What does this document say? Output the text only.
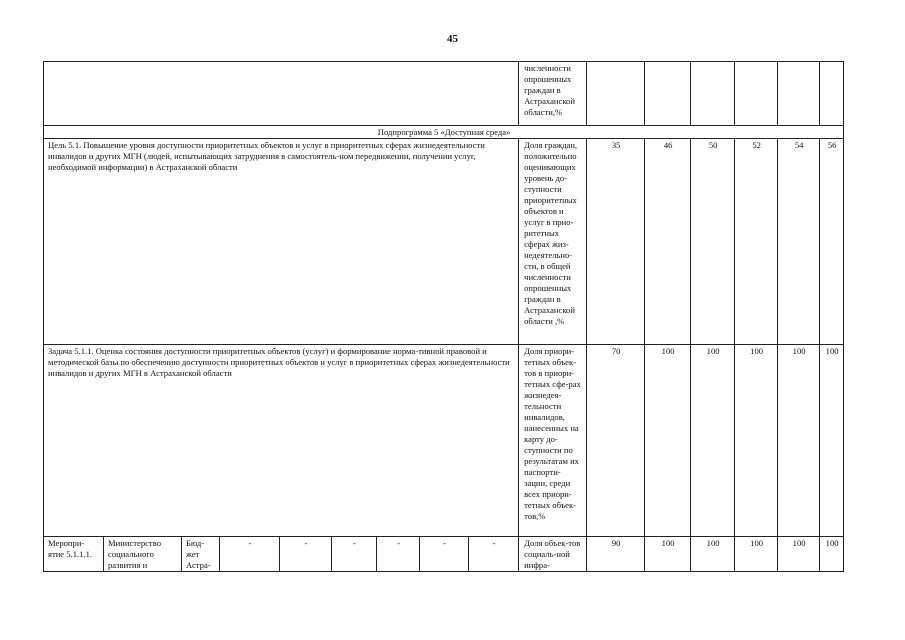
45
									численности опрошенных граждан в Астраханской области,%						
Подпрограмма 5 «Доступная среда»															
Цель 5.1. Повышение уровня доступности приоритетных объектов и услуг в приоритетных сферах жизнедеятельности инвалидов и других МГН (людей, испытывающих затруднения в самостоятель-ном передвижении, получении услуг, необходимой информации) в Астраханской области									Доля граждан, положительно оценивающих уровень до-ступности приоритетных объектов и услуг в прио-ритетных сферах жиз-недеятельно-сти, в общей численности опрошенных граждан в Астраханской области ,%	35	46	50	52	54	56
Задача 5.1.1. Оценка состояния доступности приоритетных объектов (услуг) и формирование норма-тивной правовой и методической базы по обеспечению доступности приоритетных объектов и услуг в приоритетных сферах жизнедеятельности инвалидов и других МГН в Астраханской области									Доля приори-тетных объек-тов в приори-тетных сфе-рах жизнедея-тельности инвалидов, нанесенных на карту до-ступности по результатам их паспорти-зации, среди всех приори-тетных объек-тов,%	70	100	100	100	100	100
Меропри-ятие 5.1.1.1.	Министерство социального развития и	Бюд-жет Астра-	-	-	-	-	-	-	Доля объек-тов социаль-ной инфра-	90	100	100	100	100	100
